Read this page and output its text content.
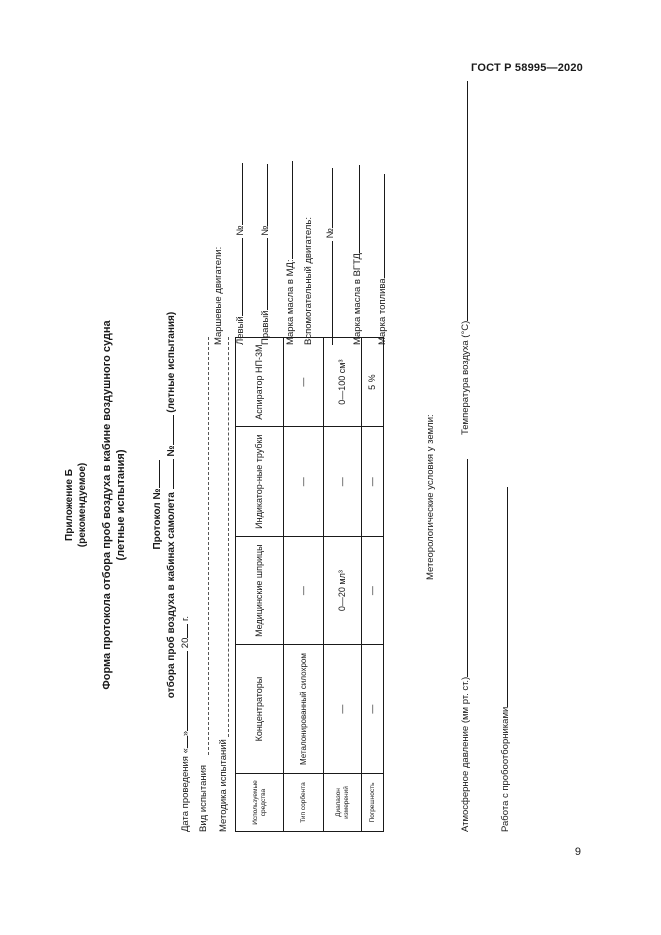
ГОСТ Р 58995—2020
9
Приложение Б (рекомендуемое) Форма протокола отбора проб воздуха в кабине воздушного судна (летные испытания)	Протокол № отбора проб воздуха в кабинах самолета  № (летные испытания)
Дата проведения «» 20 г.
Вид испытания Методика испытаний	Используемые средства	Концентраторы	Медицинские шприцы	Индикатор-ные трубки	Аспиратор НП-3М
Тип сорбента	Металонированный силохром	—	—	—
Диапазон измерений	—	0—20 мл³	—	0—100 см³
Погрешность	—	—	—	5 %
Маршевые двигатели: Левый №
Правый №
Марка масла в МД: Вспомогательный двигатель: №
Марка масла в ВГТД Марка топлива
Метеорологические условия у земли:
Атмосферное давление (мм рт. ст.)
Температура воздуха (°С)
Работа с пробоотборниками
